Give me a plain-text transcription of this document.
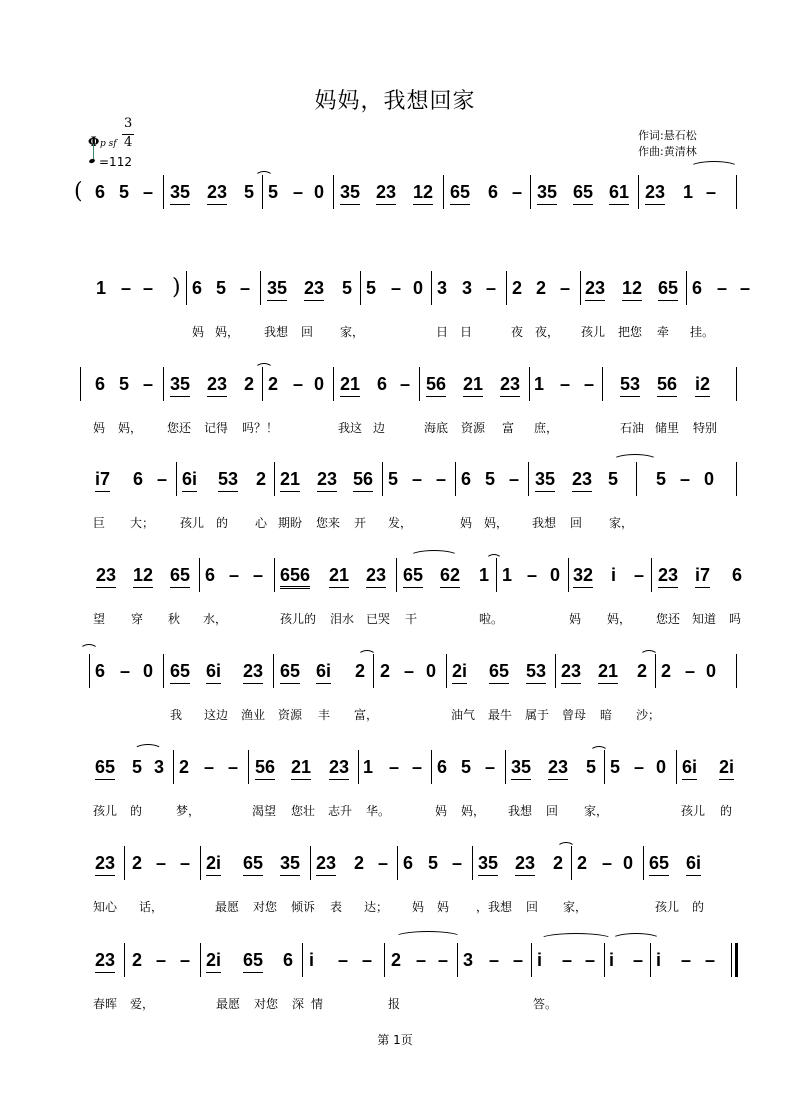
妈妈，我想回家
作词:悬石松
作曲:黄清林
Φ p sf
3
4
=112
( 6 5 – 35 23 5 5 – 0 35 23 12 65 6 – 35 65 61 23 1 –
1 – – ) 6 5 – 35 23 5 5 – 0 3 3 – 2 2 – 23 12 65 6 – –
妈 妈， 我想 回 家，	日 日	夜 夜， 孩儿 把您 牵 挂。
6 5 – 35 23 2 2 – 0 21 6 – 56 21 23 1 – – 53 56 i2
妈 妈， 您还 记得 吗？！	我这 边	海底 资源 富 庶，	石油 储里 特别
i7 6 – 6i 53 2 21 23 56 5 – – 6 5 – 35 23 5 5 – 0
巨 大； 孩儿 的 心 期盼 您来 开 发，	妈 妈， 我想 回 家，
23 12 65 6 – – 656 21 23 65 62 1 1 – 0 32 i – 23 i7 6
望 穿 秋 水，	孩儿的 泪水 已哭 干	啦。	妈 妈， 您还 知道 吗
6 – 0 65 6i 23 65 6i 2 2 – 0 2i 65 53 23 21 2 2 – 0
我 这边 渔业 资源 丰 富，	油气 最牛 属于 曾母 暗 沙；
65 5 3 2 – – 56 21 23 1 – – 6 5 – 35 23 5 5 – 0 6i 2i
孩儿 的	梦，	渴望 您壮 志升 华。	妈 妈， 我想 回 家，	孩儿 的
23 2 – – 2i 65 35 23 2 – 6 5 – 35 23 2 2 – 0 65 6i
知心 话，	最愿 对您 倾诉 表 达； 妈 妈 ，我想 回 家，	孩儿 的
23 2 – – 2i 65 6 i – – 2 – – 3 – – i – – i – i – –
春晖 爱，	最愿 对您 深 情	报	答。
第 1页
